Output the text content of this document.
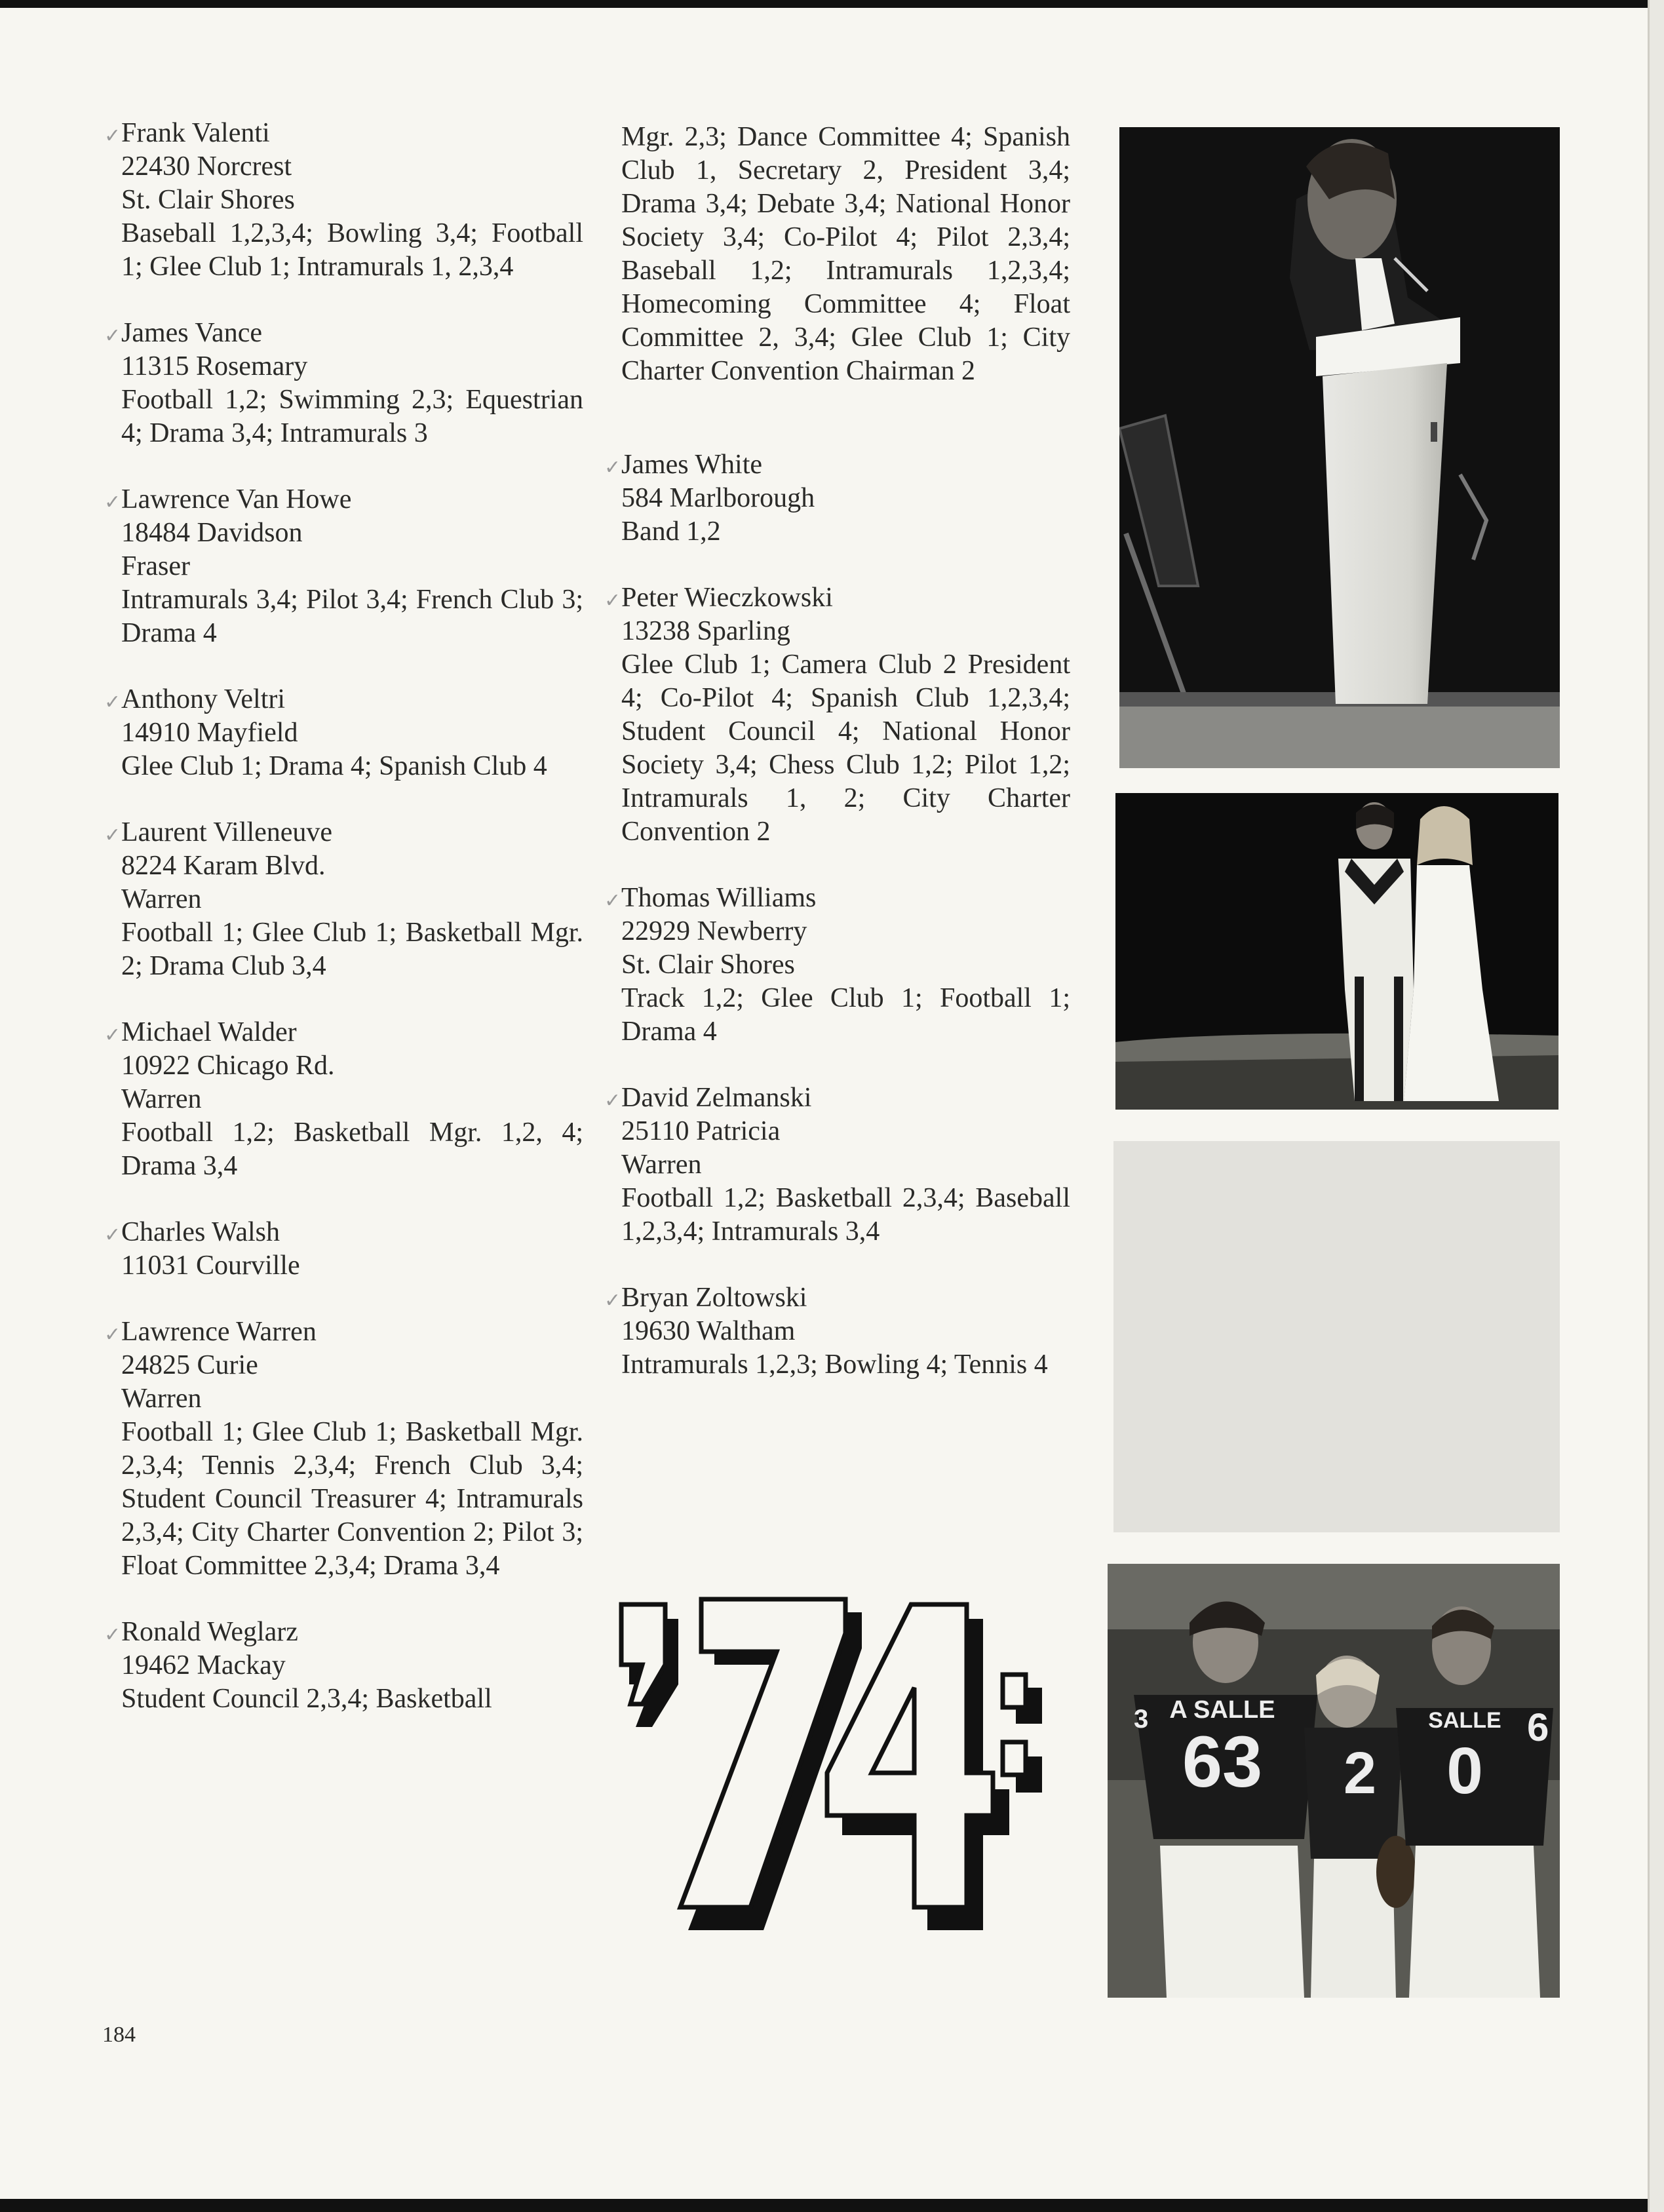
✓ Frank Valenti
22430 Norcrest
St. Clair Shores
Baseball 1,2,3,4; Bowling 3,4; Football 1; Glee Club 1; Intramurals 1, 2,3,4
✓ James Vance
11315 Rosemary
Football 1,2; Swimming 2,3; Equestrian 4; Drama 3,4; Intramurals 3
✓ Lawrence Van Howe
18484 Davidson
Fraser
Intramurals 3,4; Pilot 3,4; French Club 3; Drama 4
✓ Anthony Veltri
14910 Mayfield
Glee Club 1; Drama 4; Spanish Club 4
✓ Laurent Villeneuve
8224 Karam Blvd.
Warren
Football 1; Glee Club 1; Basketball Mgr. 2; Drama Club 3,4
✓ Michael Walder
10922 Chicago Rd.
Warren
Football 1,2; Basketball Mgr. 1,2, 4; Drama 3,4
✓ Charles Walsh
11031 Courville
✓ Lawrence Warren
24825 Curie
Warren
Football 1; Glee Club 1; Basketball Mgr. 2,3,4; Tennis 2,3,4; French Club 3,4; Student Council Treasurer 4; Intramurals 2,3,4; City Charter Convention 2; Pilot 3; Float Committee 2,3,4; Drama 3,4
✓ Ronald Weglarz
19462 Mackay
Student Council 2,3,4; Basketball
Mgr. 2,3; Dance Committee 4; Spanish Club 1, Secretary 2, President 3,4; Drama 3,4; Debate 3,4; National Honor Society 3,4; Co-Pilot 4; Pilot 2,3,4; Baseball 1,2; Intramurals 1,2,3,4; Homecoming Committee 4; Float Committee 2, 3,4; Glee Club 1; City Charter Convention Chairman 2
✓ James White
584 Marlborough
Band 1,2
✓ Peter Wieczkowski
13238 Sparling
Glee Club 1; Camera Club 2 President 4; Co-Pilot 4; Spanish Club 1,2,3,4; Student Council 4; National Honor Society 3,4; Chess Club 1,2; Pilot 1,2; Intramurals 1, 2; City Charter Convention 2
✓ Thomas Williams
22929 Newberry
St. Clair Shores
Track 1,2; Glee Club 1; Football 1; Drama 4
✓ David Zelmanski
25110 Patricia
Warren
Football 1,2; Basketball 2,3,4; Baseball 1,2,3,4; Intramurals 3,4
✓ Bryan Zoltowski
19630 Waltham
Intramurals 1,2,3; Bowling 4; Tennis 4
63
A SALLE
3
2
SALLE
0
6
184
